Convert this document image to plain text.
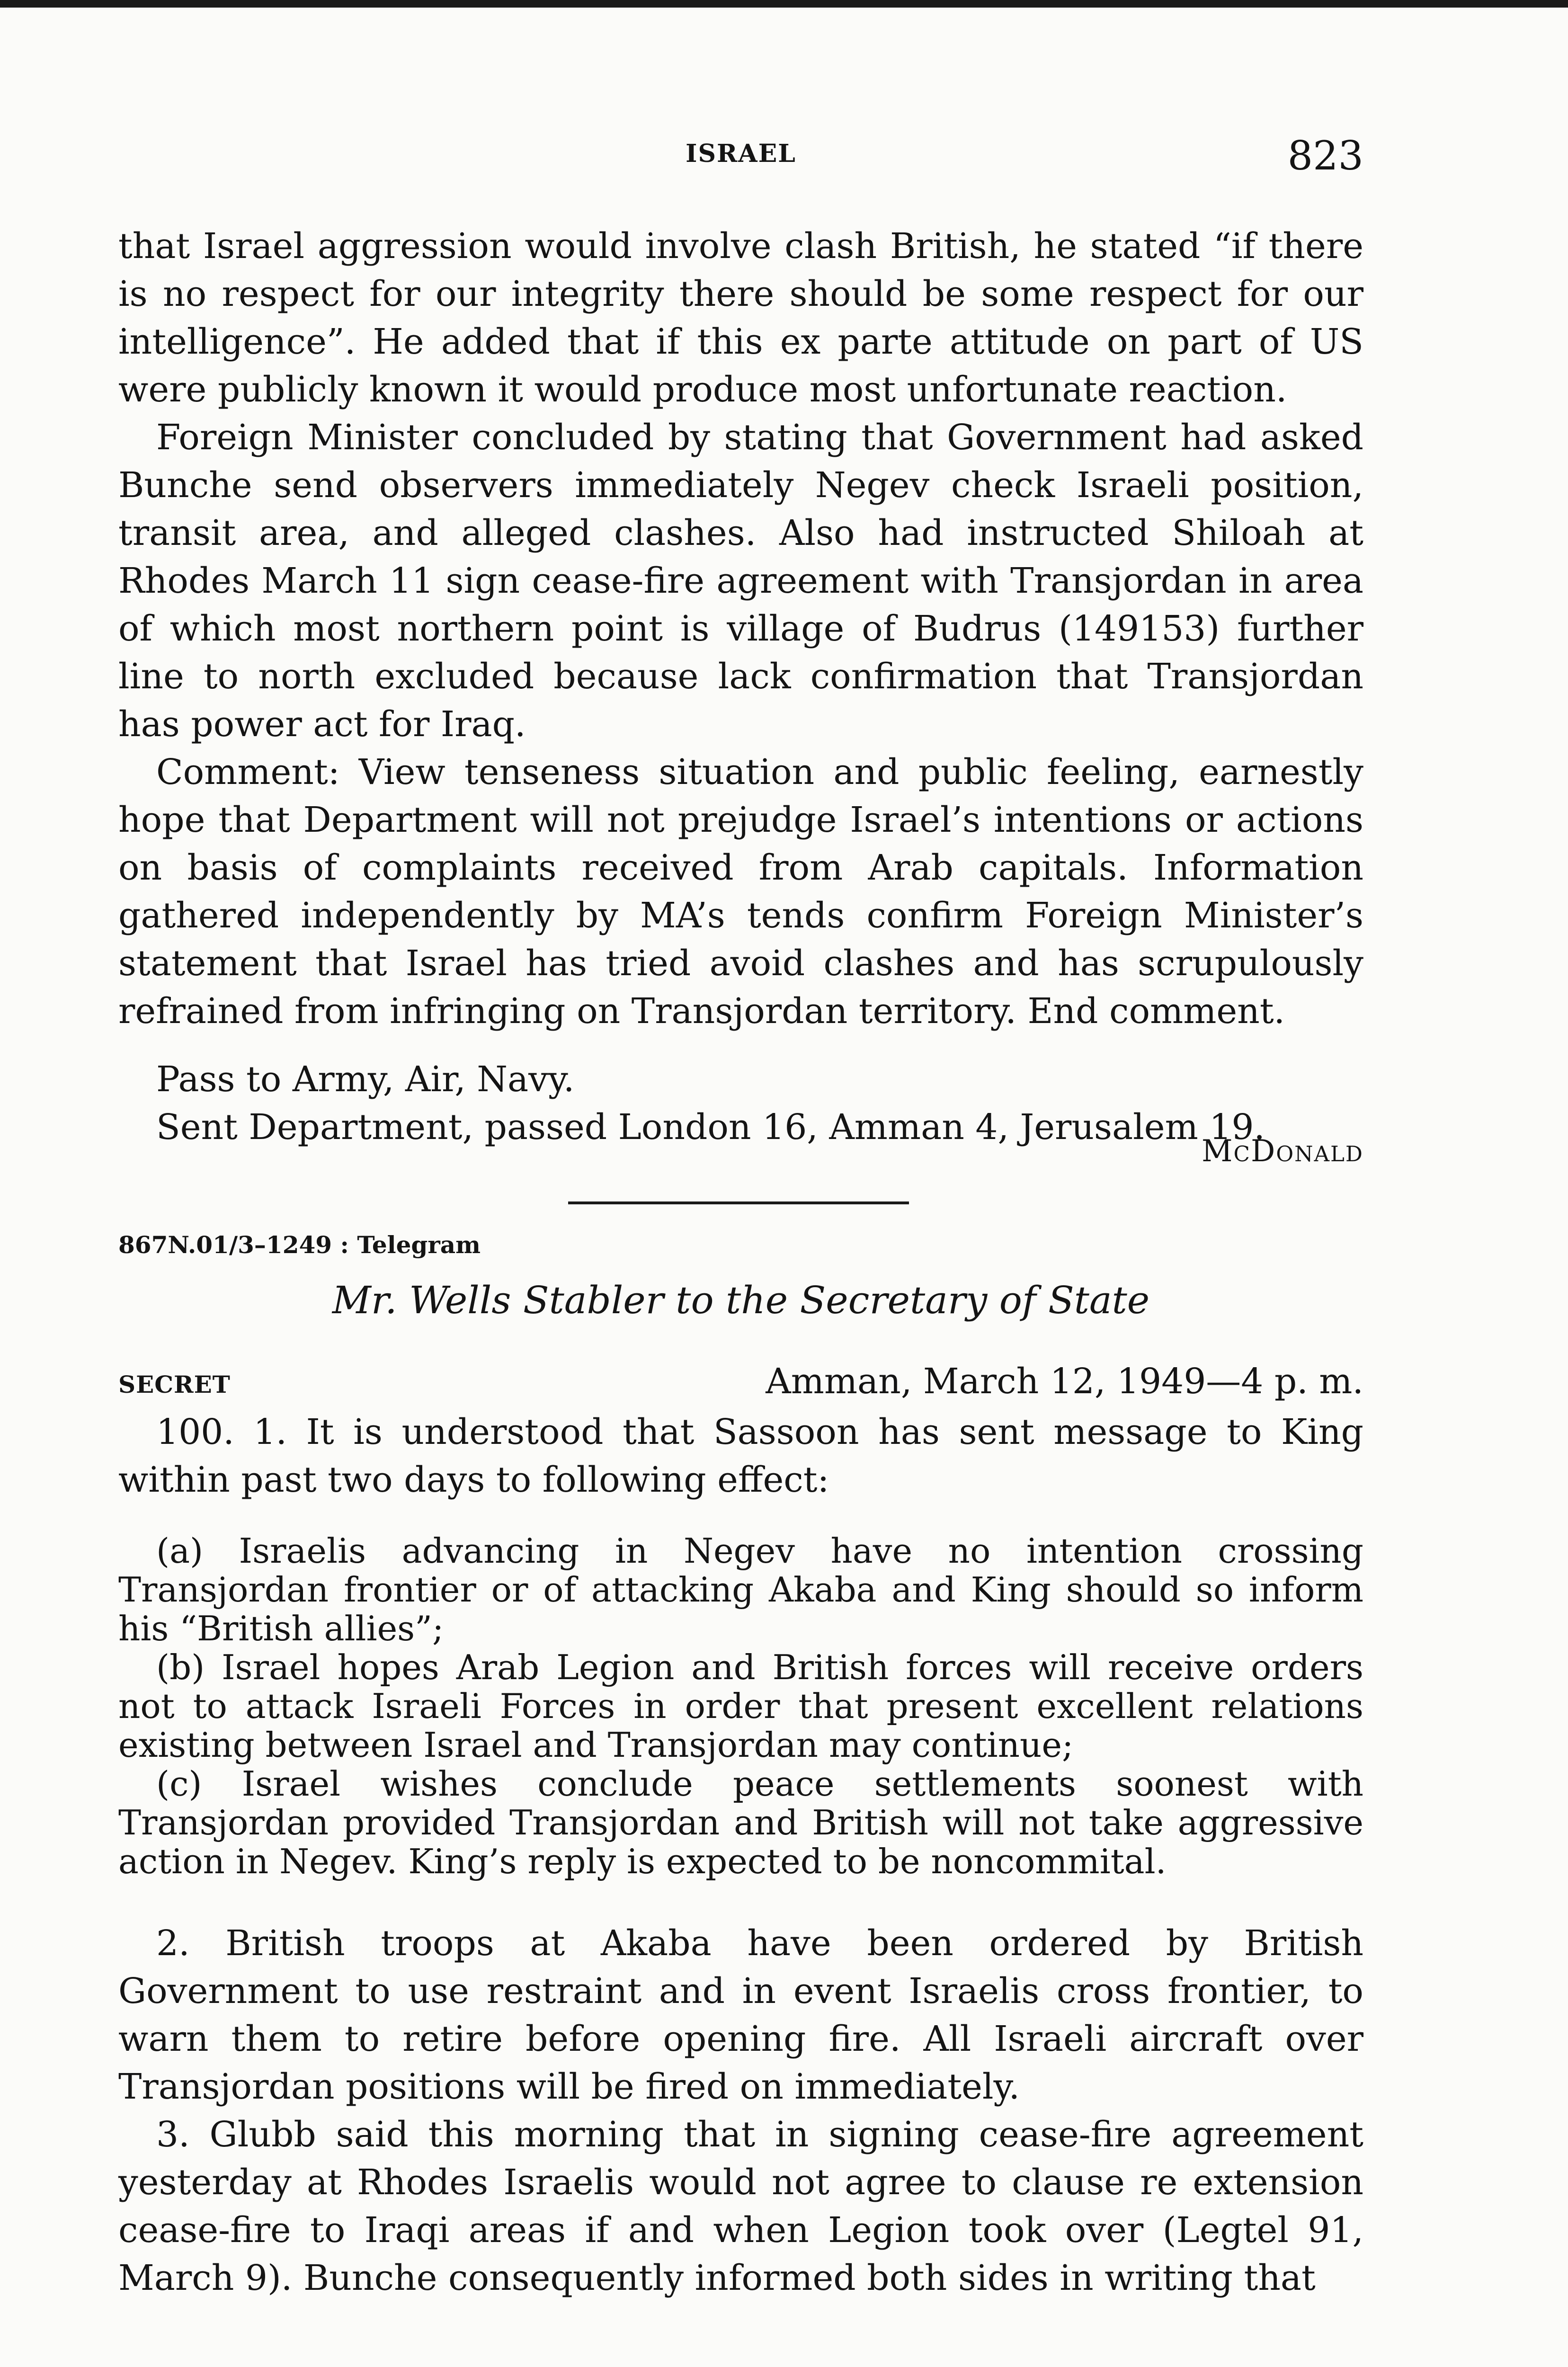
ISRAEL	823

that Israel aggression would involve clash British, he stated “if there is no respect for our integrity there should be some respect for our intelligence”. He added that if this ex parte attitude on part of US were publicly known it would produce most unfortunate reaction.

Foreign Minister concluded by stating that Government had asked Bunche send observers immediately Negev check Israeli position, transit area, and alleged clashes. Also had instructed Shiloah at Rhodes March 11 sign cease-fire agreement with Transjordan in area of which most northern point is village of Budrus (149153) further line to north excluded because lack confirmation that Transjordan has power act for Iraq.

Comment: View tenseness situation and public feeling, earnestly hope that Department will not prejudge Israel’s intentions or actions on basis of complaints received from Arab capitals. Information gathered independently by MA’s tends confirm Foreign Minister’s statement that Israel has tried avoid clashes and has scrupulously refrained from infringing on Transjordan territory. End comment.

Pass to Army, Air, Navy.

Sent Department, passed London 16, Amman 4, Jerusalem 19.

McDonald
867N.01/3–1249 : Telegram
Mr. Wells Stabler to the Secretary of State
SECRET	Amman, March 12, 1949—4 p. m.

100. 1. It is understood that Sassoon has sent message to King within past two days to following effect:

(a) Israelis advancing in Negev have no intention crossing Transjordan frontier or of attacking Akaba and King should so inform his “British allies”;

(b) Israel hopes Arab Legion and British forces will receive orders not to attack Israeli Forces in order that present excellent relations existing between Israel and Transjordan may continue;

(c) Israel wishes conclude peace settlements soonest with Transjordan provided Transjordan and British will not take aggressive action in Negev. King’s reply is expected to be noncommital.

2. British troops at Akaba have been ordered by British Government to use restraint and in event Israelis cross frontier, to warn them to retire before opening fire. All Israeli aircraft over Transjordan positions will be fired on immediately.

3. Glubb said this morning that in signing cease-fire agreement yesterday at Rhodes Israelis would not agree to clause re extension cease-fire to Iraqi areas if and when Legion took over (Legtel 91, March 9). Bunche consequently informed both sides in writing that
